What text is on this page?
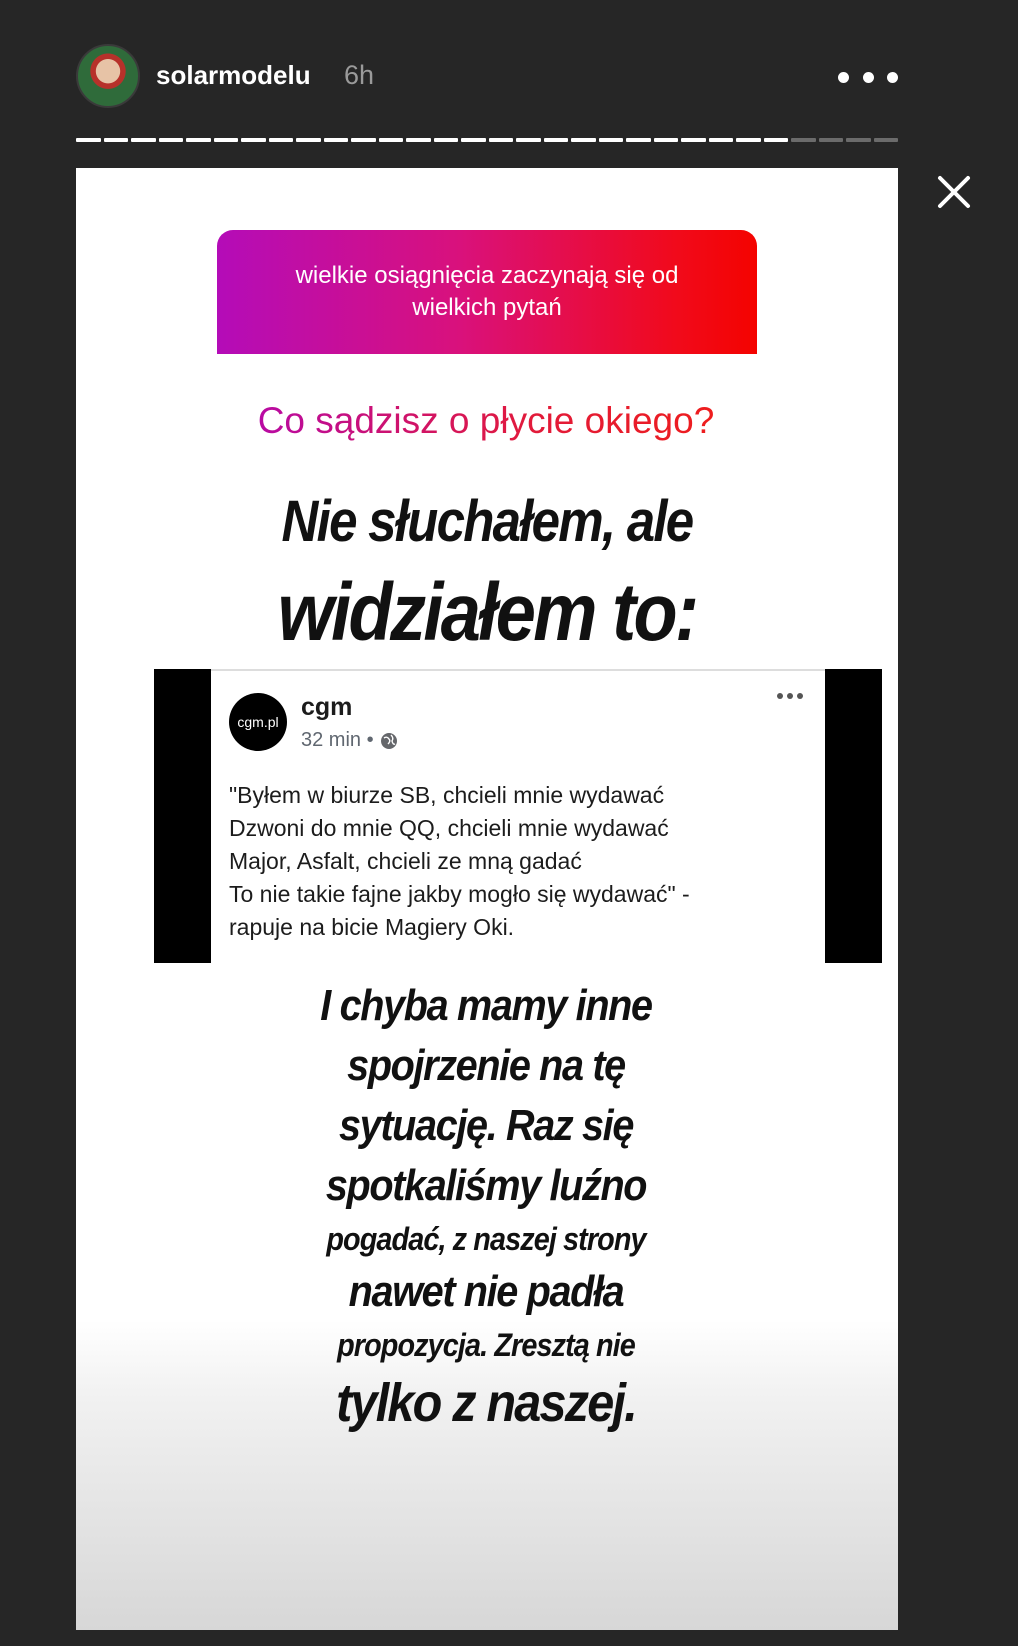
solarmodelu 6h
wielkie osiągnięcia zaczynają się od wielkich pytań
Co sądzisz o płycie okiego?
Nie słuchałem, ale
widziałem to:
cgm.pl
cgm
32 min •
"Byłem w biurze SB, chcieli mnie wydawać
Dzwoni do mnie QQ, chcieli mnie wydawać
Major, Asfalt, chcieli ze mną gadać
To nie takie fajne jakby mogło się wydawać" -
rapuje na bicie Magiery Oki.
I chyba mamy inne
spojrzenie na tę
sytuację. Raz się
spotkaliśmy luźno
pogadać, z naszej strony
nawet nie padła
propozycja. Zresztą nie
tylko z naszej.
